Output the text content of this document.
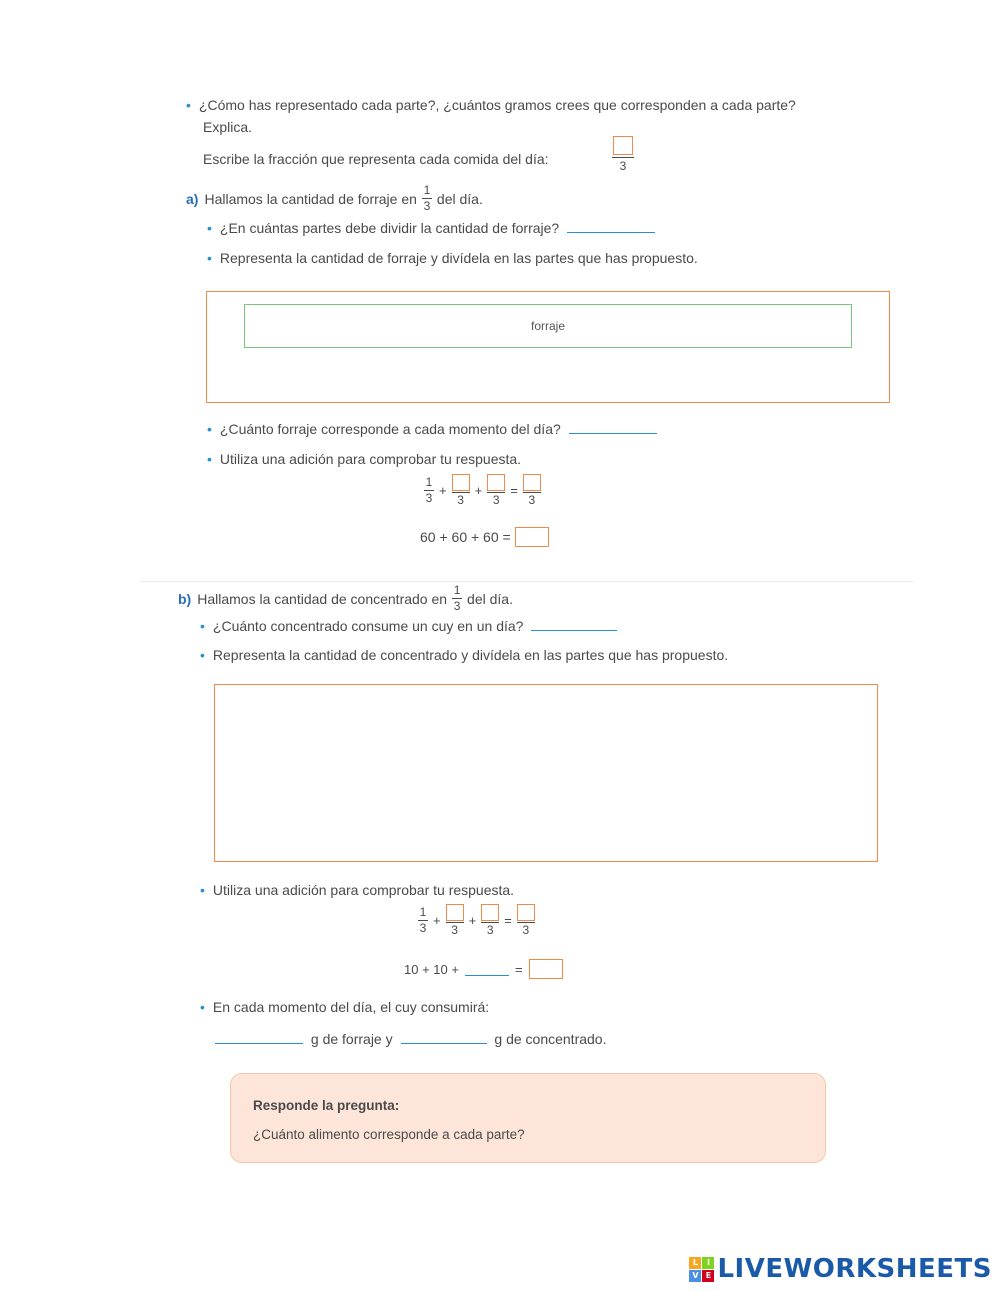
• ¿Cómo has representado cada parte?, ¿cuántos gramos crees que corresponden a cada parte?
Explica.
Escribe la fracción que representa cada comida del día:	3
a) Hallamos la cantidad de forraje en $\frac{1}{3}$ del día.
• ¿En cuántas partes debe dividir la cantidad de forraje?
• Representa la cantidad de forraje y divídela en las partes que has propuesto.
forraje
• ¿Cuánto forraje corresponde a cada momento del día?
• Utiliza una adición para comprobar tu respuesta.
$\frac{1}{3}$ +
3
+
3
=
3
60 + 60 + 60 =
b) Hallamos la cantidad de concentrado en $\frac{1}{3}$ del día.
• ¿Cuánto concentrado consume un cuy en un día?
• Representa la cantidad de concentrado y divídela en las partes que has propuesto.
• Utiliza una adición para comprobar tu respuesta.
$\frac{1}{3}$ +
3
+
3
=
3
10 + 10 +	=
• En cada momento del día, el cuy consumirá:
g de forraje y	g de concentrado.
Responde la pregunta:
¿Cuánto alimento corresponde a cada parte?
L	I
V E LIVEWORKSHEETS
